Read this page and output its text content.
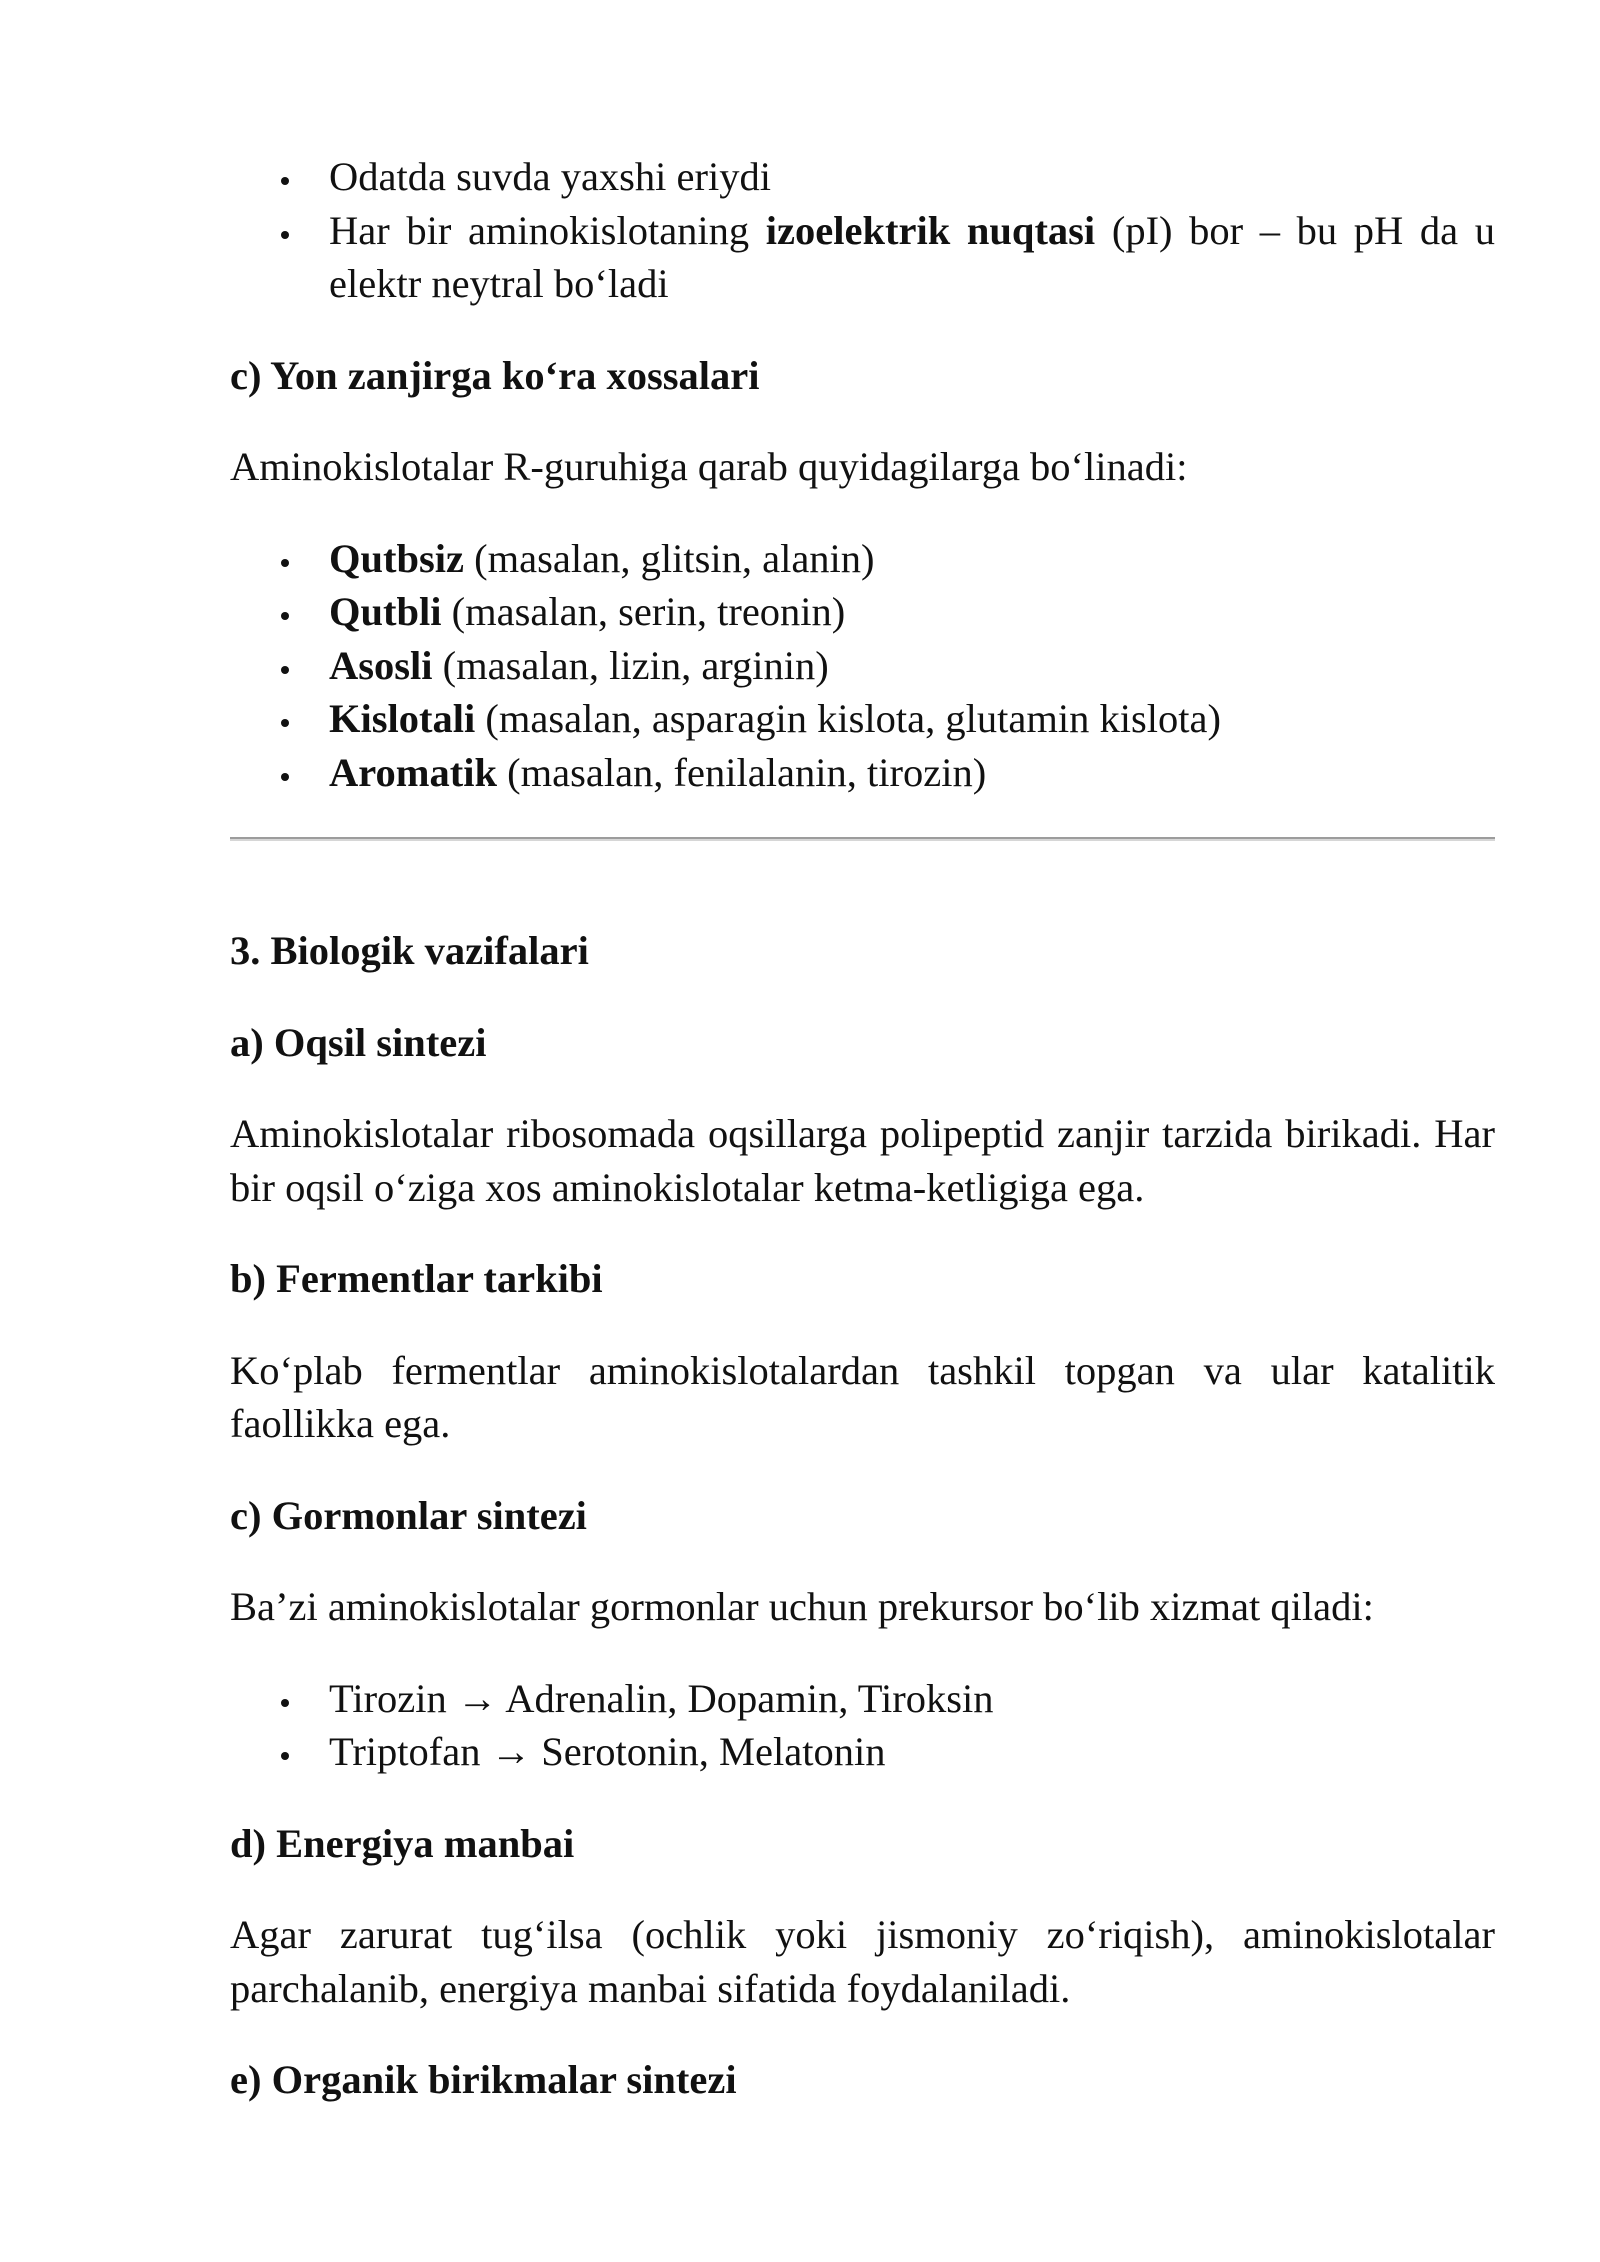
Odatda suvda yaxshi eriydi
Har bir aminokislotaning izoelektrik nuqtasi (pI) bor – bu pH da u elektr neytral bo‘ladi
c) Yon zanjirga ko‘ra xossalari

Aminokislotalar R-guruhiga qarab quyidagilarga bo‘linadi:

Qutbsiz (masalan, glitsin, alanin)
Qutbli (masalan, serin, treonin)
Asosli (masalan, lizin, arginin)
Kislotali (masalan, asparagin kislota, glutamin kislota)
Aromatik (masalan, fenilalanin, tirozin)
3. Biologik vazifalari
a) Oqsil sintezi

Aminokislotalar ribosomada oqsillarga polipeptid zanjir tarzida birikadi. Har bir oqsil o‘ziga xos aminokislotalar ketma-ketligiga ega.

b) Fermentlar tarkibi

Ko‘plab fermentlar aminokislotalardan tashkil topgan va ular katalitik faollikka ega.

c) Gormonlar sintezi

Ba’zi aminokislotalar gormonlar uchun prekursor bo‘lib xizmat qiladi:

Tirozin → Adrenalin, Dopamin, Tiroksin
Triptofan → Serotonin, Melatonin
d) Energiya manbai

Agar zarurat tug‘ilsa (ochlik yoki jismoniy zo‘riqish), aminokislotalar parchalanib, energiya manbai sifatida foydalaniladi.

e) Organik birikmalar sintezi
